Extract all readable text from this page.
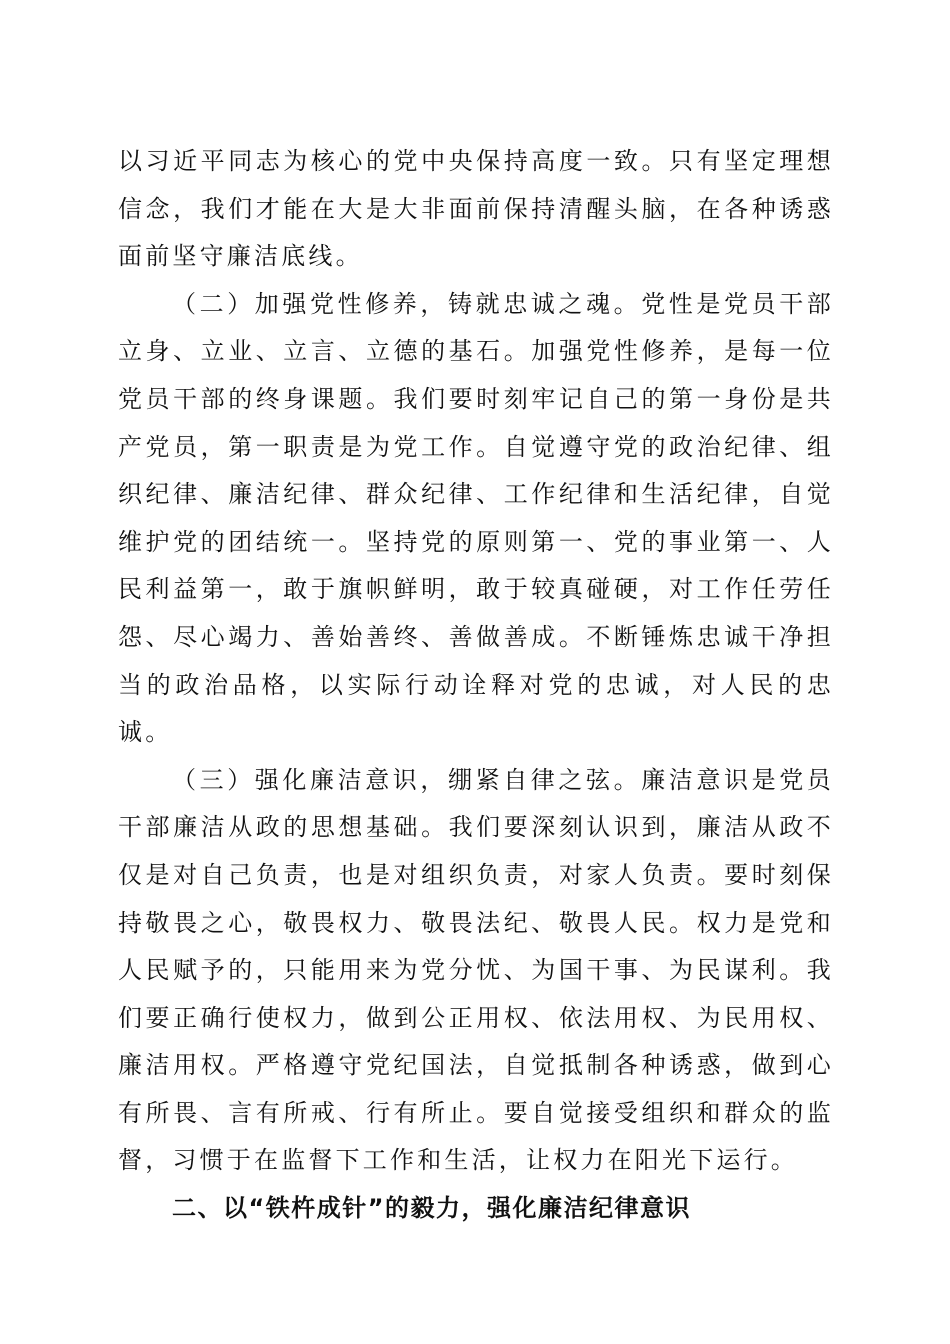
以习近平同志为核心的党中央保持高度一致。只有坚定理想信念，我们才能在大是大非面前保持清醒头脑，在各种诱惑面前坚守廉洁底线。

（二）加强党性修养，铸就忠诚之魂。党性是党员干部立身、立业、立言、立德的基石。加强党性修养，是每一位党员干部的终身课题。我们要时刻牢记自己的第一身份是共产党员，第一职责是为党工作。自觉遵守党的政治纪律、组织纪律、廉洁纪律、群众纪律、工作纪律和生活纪律，自觉维护党的团结统一。坚持党的原则第一、党的事业第一、人民利益第一，敢于旗帜鲜明，敢于较真碰硬，对工作任劳任怨、尽心竭力、善始善终、善做善成。不断锤炼忠诚干净担当的政治品格，以实际行动诠释对党的忠诚，对人民的忠诚。

（三）强化廉洁意识，绷紧自律之弦。廉洁意识是党员干部廉洁从政的思想基础。我们要深刻认识到，廉洁从政不仅是对自己负责，也是对组织负责，对家人负责。要时刻保持敬畏之心，敬畏权力、敬畏法纪、敬畏人民。权力是党和人民赋予的，只能用来为党分忧、为国干事、为民谋利。我们要正确行使权力，做到公正用权、依法用权、为民用权、廉洁用权。严格遵守党纪国法，自觉抵制各种诱惑，做到心有所畏、言有所戒、行有所止。要自觉接受组织和群众的监督，习惯于在监督下工作和生活，让权力在阳光下运行。

二、以“铁杵成针”的毅力，强化廉洁纪律意识
